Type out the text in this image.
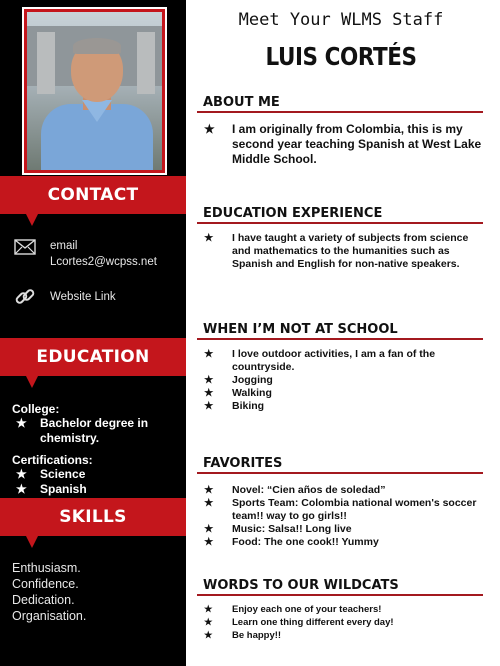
CONTACT
email
Lcortes2@wcpss.net
Website Link
EDUCATION
College:
★	Bachelor degree in
chemistry.
Certifications:
★	Science
★	Spanish
SKILLS
Enthusiasm.
Confidence.
Dedication.
Organisation.
Meet Your WLMS Staff
LUIS CORTÉS
ABOUT ME
★	I am originally from Colombia, this is my second year teaching Spanish at West Lake Middle School.
EDUCATION EXPERIENCE
★	I have taught a variety of subjects from science and mathematics to the humanities such as Spanish and English for non-native speakers.
WHEN I’M NOT AT SCHOOL
★	I love outdoor activities, I am a fan of the countryside.
★	Jogging
★	Walking
★	Biking
FAVORITES
★	Novel: “Cien años de soledad”
★	Sports Team: Colombia national women's soccer team!! way to go girls!!
★	Music: Salsa!! Long live
★	Food: The one cook!! Yummy
WORDS TO OUR WILDCATS
★	Enjoy each one of your teachers!
★	Learn one thing different every day!
★	Be happy!!
